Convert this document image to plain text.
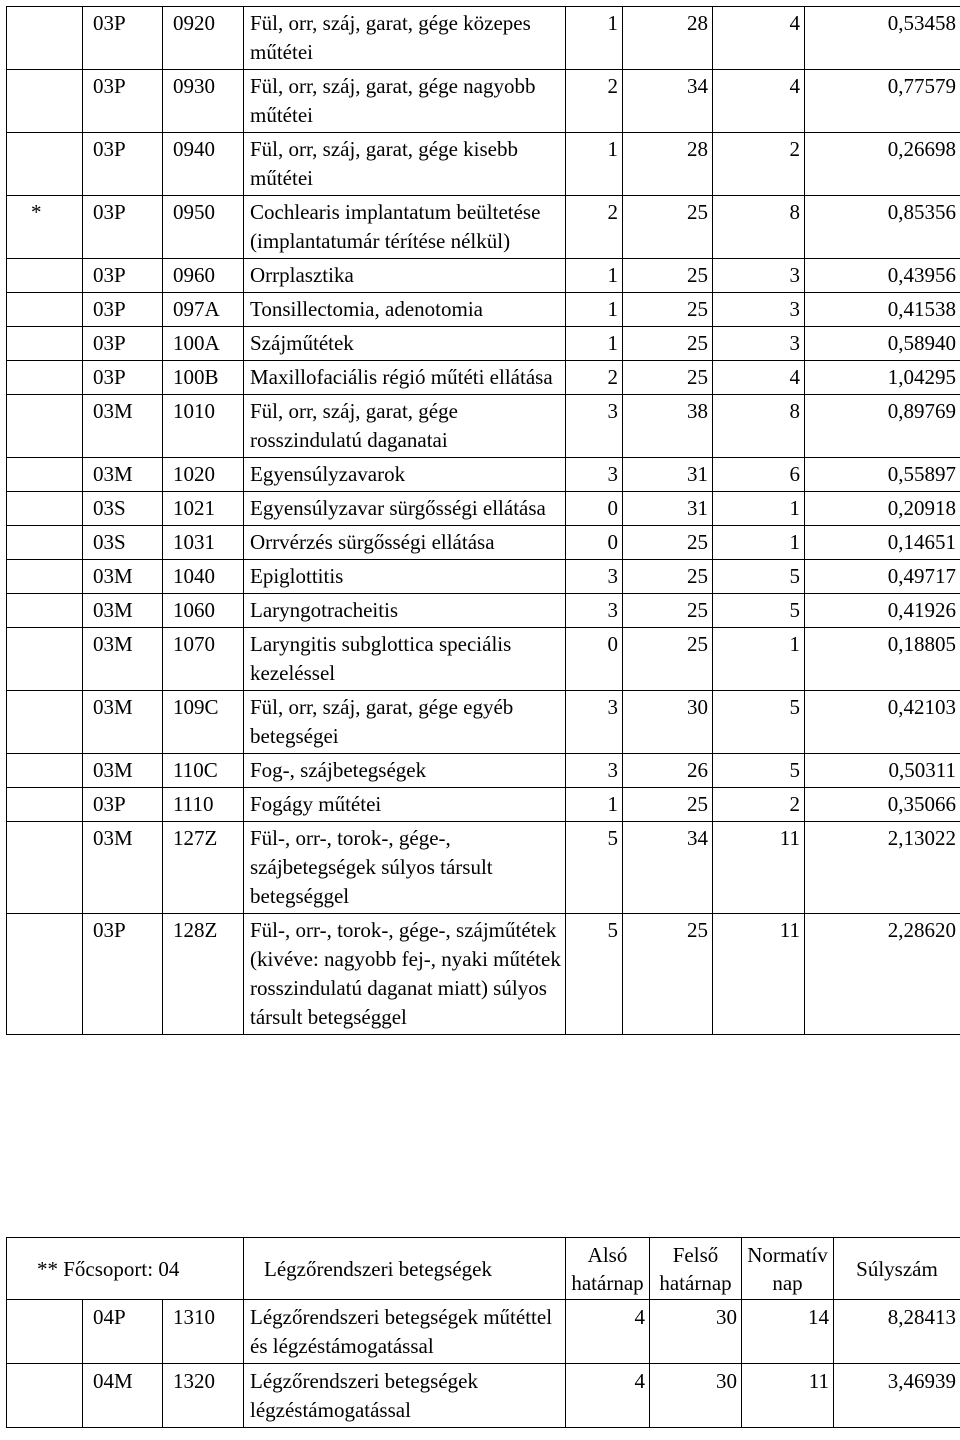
	03P	0920	Fül, orr, száj, garat, gége közepes műtétei	1	28	4	0,53458
	03P	0930	Fül, orr, száj, garat, gége nagyobb műtétei	2	34	4	0,77579
	03P	0940	Fül, orr, száj, garat, gége kisebb műtétei	1	28	2	0,26698
*	03P	0950	Cochlearis implantatum beültetése (implantatumár térítése nélkül)	2	25	8	0,85356
	03P	0960	Orrplasztika	1	25	3	0,43956
	03P	097A	Tonsillectomia, adenotomia	1	25	3	0,41538
	03P	100A	Szájműtétek	1	25	3	0,58940
	03P	100B	Maxillofaciális régió műtéti ellátása	2	25	4	1,04295
	03M	1010	Fül, orr, száj, garat, gége rosszindulatú daganatai	3	38	8	0,89769
	03M	1020	Egyensúlyzavarok	3	31	6	0,55897
	03S	1021	Egyensúlyzavar sürgősségi ellátása	0	31	1	0,20918
	03S	1031	Orrvérzés sürgősségi ellátása	0	25	1	0,14651
	03M	1040	Epiglottitis	3	25	5	0,49717
	03M	1060	Laryngotracheitis	3	25	5	0,41926
	03M	1070	Laryngitis subglottica speciális kezeléssel	0	25	1	0,18805
	03M	109C	Fül, orr, száj, garat, gége egyéb betegségei	3	30	5	0,42103
	03M	110C	Fog-, szájbetegségek	3	26	5	0,50311
	03P	1110	Fogágy műtétei	1	25	2	0,35066
	03M	127Z	Fül-, orr-, torok-, gége-, szájbetegségek súlyos társult betegséggel	5	34	11	2,13022
	03P	128Z	Fül-, orr-, torok-, gége-, szájműtétek (kivéve: nagyobb fej-, nyaki műtétek rosszindulatú daganat miatt) súlyos társult betegséggel	5	25	11	2,28620
** Főcsoport: 04			Légzőrendszeri betegségek	Alsó határnap	Felső határnap	Normatív nap	Súlyszám
	04P	1310	Légzőrendszeri betegségek műtéttel és légzéstámogatással	4	30	14	8,28413
	04M	1320	Légzőrendszeri betegségek légzéstámogatással	4	30	11	3,46939
